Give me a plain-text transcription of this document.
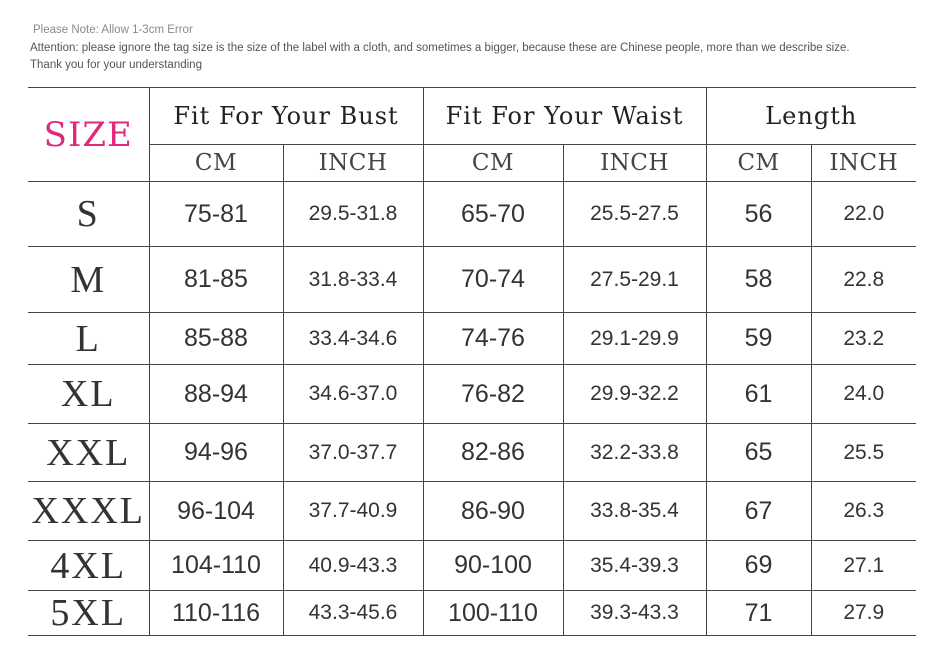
Please Note: Allow 1-3cm Error
Attention: please ignore the tag size is the size of the label with a cloth, and sometimes a bigger, because these are Chinese people, more than we describe size.
Thank you for your understanding
SIZE	Fit For Your Bust		Fit For Your Waist		Length	
	CM	INCH	CM	INCH	CM	INCH
S	75-81	29.5-31.8	65-70	25.5-27.5	56	22.0
M	81-85	31.8-33.4	70-74	27.5-29.1	58	22.8
L	85-88	33.4-34.6	74-76	29.1-29.9	59	23.2
XL	88-94	34.6-37.0	76-82	29.9-32.2	61	24.0
XXL	94-96	37.0-37.7	82-86	32.2-33.8	65	25.5
XXXL	96-104	37.7-40.9	86-90	33.8-35.4	67	26.3
4XL	104-110	40.9-43.3	90-100	35.4-39.3	69	27.1
5XL	110-116	43.3-45.6	100-110	39.3-43.3	71	27.9
